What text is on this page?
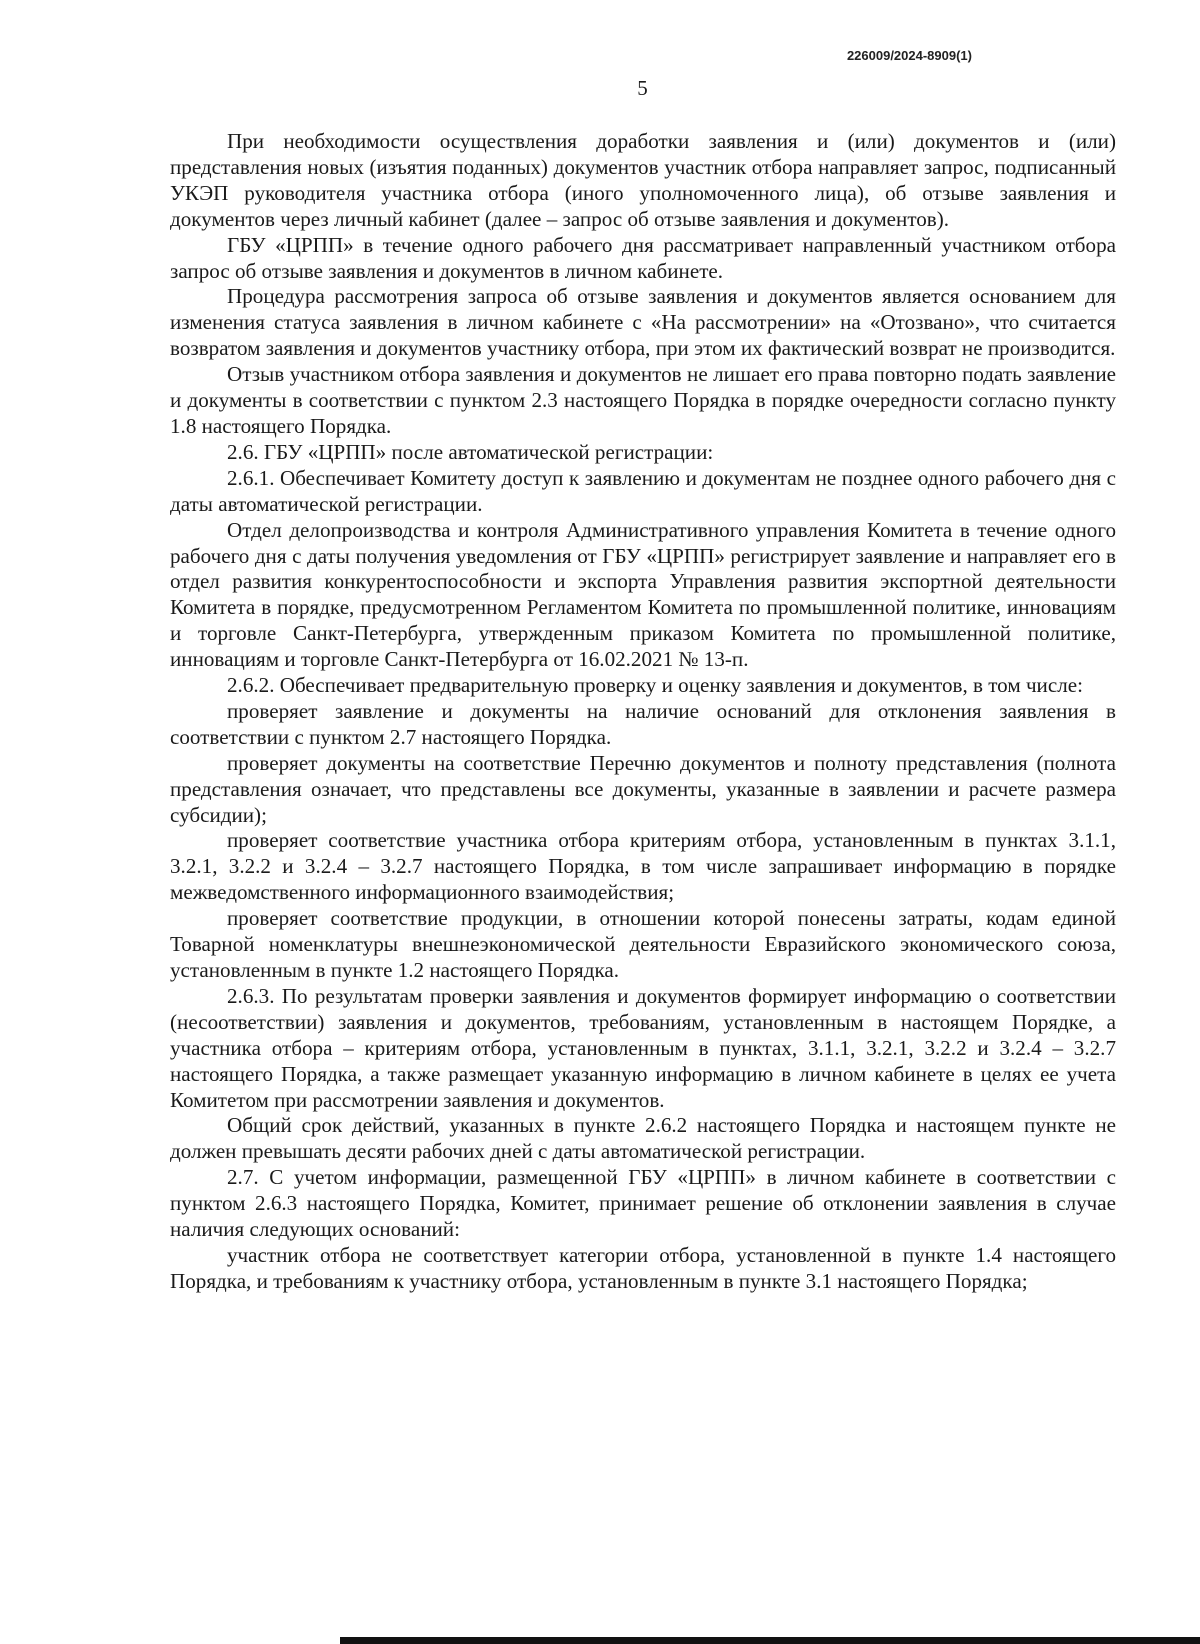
226009/2024-8909(1)
5

При необходимости осуществления доработки заявления и (или) документов и (или) представления новых (изъятия поданных) документов участник отбора направляет запрос, подписанный УКЭП руководителя участника отбора (иного уполномоченного лица), об отзыве заявления и документов через личный кабинет (далее – запрос об отзыве заявления и документов).

ГБУ «ЦРПП» в течение одного рабочего дня рассматривает направленный участником отбора запрос об отзыве заявления и документов в личном кабинете.

Процедура рассмотрения запроса об отзыве заявления и документов является основанием для изменения статуса заявления в личном кабинете с «На рассмотрении» на «Отозвано», что считается возвратом заявления и документов участнику отбора, при этом их фактический возврат не производится.

Отзыв участником отбора заявления и документов не лишает его права повторно подать заявление и документы в соответствии с пунктом 2.3 настоящего Порядка в порядке очередности согласно пункту 1.8 настоящего Порядка.

2.6. ГБУ «ЦРПП» после автоматической регистрации:

2.6.1. Обеспечивает Комитету доступ к заявлению и документам не позднее одного рабочего дня с даты автоматической регистрации.

Отдел делопроизводства и контроля Административного управления Комитета в течение одного рабочего дня с даты получения уведомления от ГБУ «ЦРПП» регистрирует заявление и направляет его в отдел развития конкурентоспособности и экспорта Управления развития экспортной деятельности Комитета в порядке, предусмотренном Регламентом Комитета по промышленной политике, инновациям и торговле Санкт-Петербурга, утвержденным приказом Комитета по промышленной политике, инновациям и торговле Санкт-Петербурга от 16.02.2021 № 13-п.

2.6.2. Обеспечивает предварительную проверку и оценку заявления и документов, в том числе:

проверяет заявление и документы на наличие оснований для отклонения заявления в соответствии с пунктом 2.7 настоящего Порядка.

проверяет документы на соответствие Перечню документов и полноту представления (полнота представления означает, что представлены все документы, указанные в заявлении и расчете размера субсидии);

проверяет соответствие участника отбора критериям отбора, установленным в пунктах 3.1.1, 3.2.1, 3.2.2 и 3.2.4 – 3.2.7 настоящего Порядка, в том числе запрашивает информацию в порядке межведомственного информационного взаимодействия;

проверяет соответствие продукции, в отношении которой понесены затраты, кодам единой Товарной номенклатуры внешнеэкономической деятельности Евразийского экономического союза, установленным в пункте 1.2 настоящего Порядка.

2.6.3. По результатам проверки заявления и документов формирует информацию о соответствии (несоответствии) заявления и документов, требованиям, установленным в настоящем Порядке, а участника отбора – критериям отбора, установленным в пунктах, 3.1.1, 3.2.1, 3.2.2 и 3.2.4 – 3.2.7 настоящего Порядка, а также размещает указанную информацию в личном кабинете в целях ее учета Комитетом при рассмотрении заявления и документов.

Общий срок действий, указанных в пункте 2.6.2 настоящего Порядка и настоящем пункте не должен превышать десяти рабочих дней с даты автоматической регистрации.

2.7. С учетом информации, размещенной ГБУ «ЦРПП» в личном кабинете в соответствии с пунктом 2.6.3 настоящего Порядка, Комитет, принимает решение об отклонении заявления в случае наличия следующих оснований:

участник отбора не соответствует категории отбора, установленной в пункте 1.4 настоящего Порядка, и требованиям к участнику отбора, установленным в пункте 3.1 настоящего Порядка;
